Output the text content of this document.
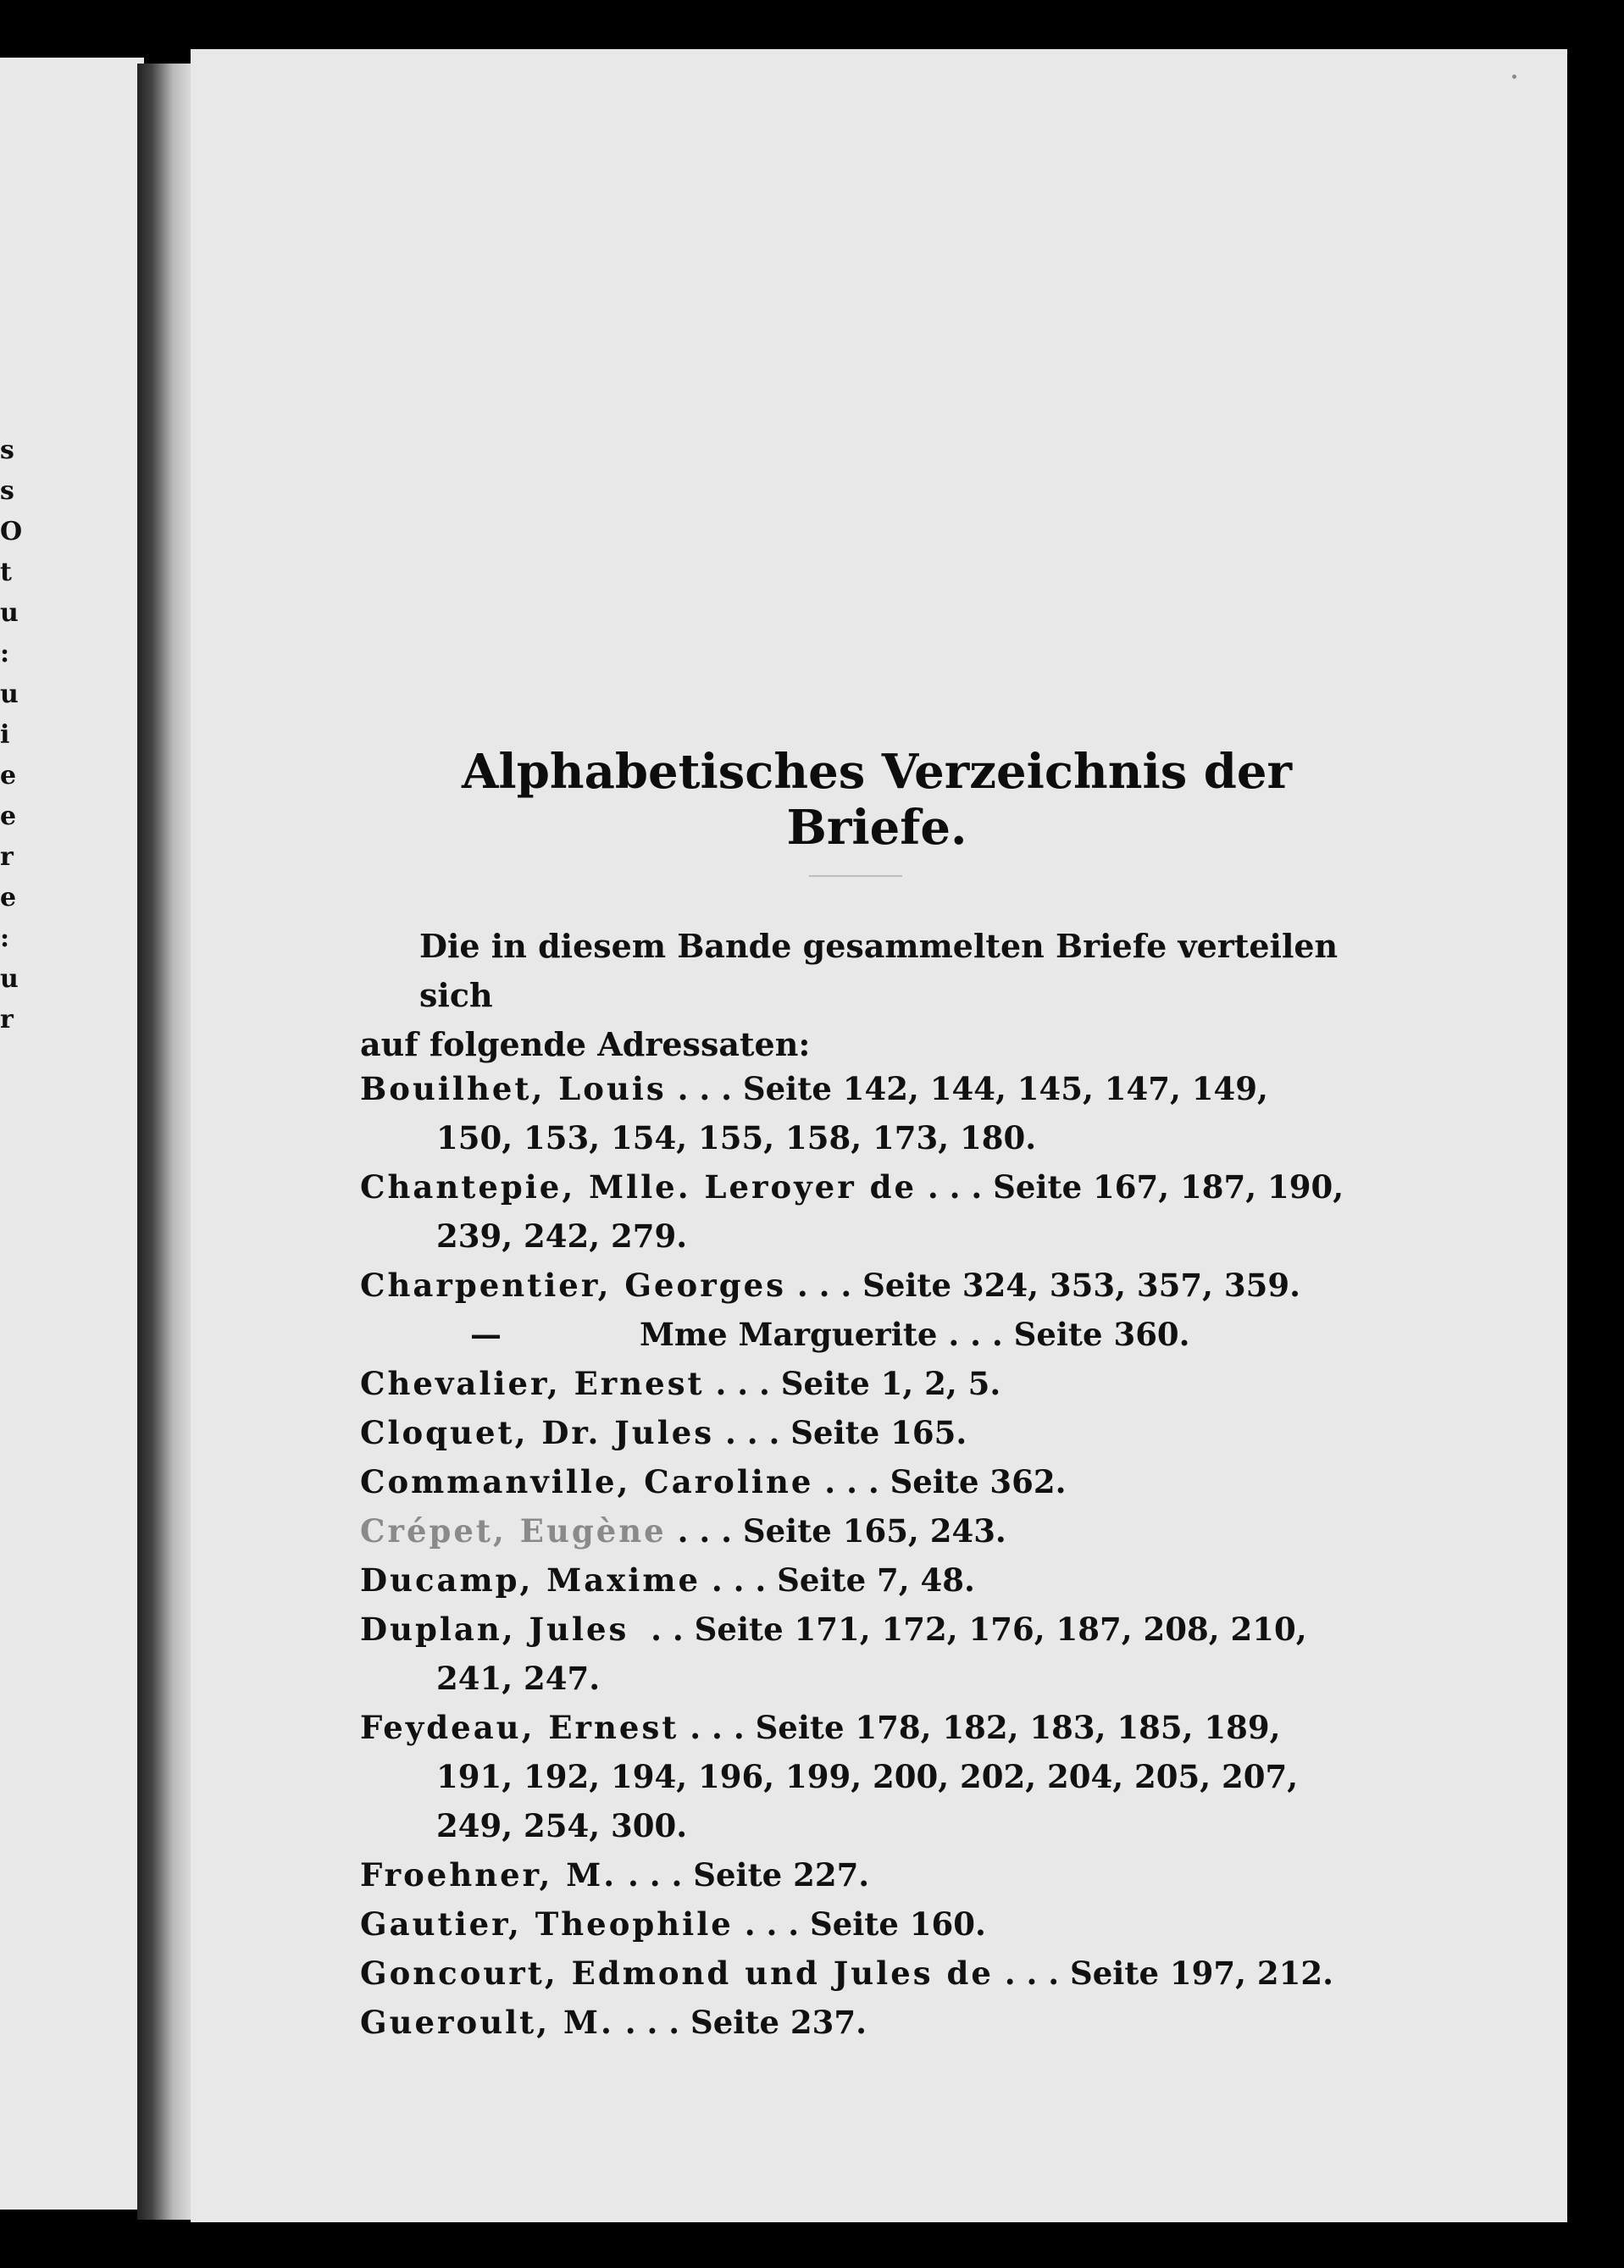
s
s
O
t
u
:
u
i
e
e
r
e
:
u
r
Alphabetisches Verzeichnis der Briefe.
Die in diesem Bande gesammelten Briefe verteilen sich
auf folgende Adressaten:
Bouilhet, Louis . . . Seite 142, 144, 145, 147, 149,
150, 153, 154, 155, 158, 173, 180.
Chantepie, Mlle. Leroyer de . . . Seite 167, 187, 190,
239, 242, 279.
Charpentier, Georges . . . Seite 324, 353, 357, 359.
—	Mme Marguerite . . . Seite 360.
Chevalier, Ernest . . . Seite 1, 2, 5.
Cloquet, Dr. Jules . . . Seite 165.
Commanville, Caroline . . . Seite 362.
Crépet, Eugène . . . Seite 165, 243.
Ducamp, Maxime . . . Seite 7, 48.
Duplan, Jules  . . Seite 171, 172, 176, 187, 208, 210,
241, 247.
Feydeau, Ernest . . . Seite 178, 182, 183, 185, 189,
191, 192, 194, 196, 199, 200, 202, 204, 205, 207,
249, 254, 300.
Froehner, M. . . . Seite 227.
Gautier, Theophile . . . Seite 160.
Goncourt, Edmond und Jules de . . . Seite 197, 212.
Gueroult, M. . . . Seite 237.
